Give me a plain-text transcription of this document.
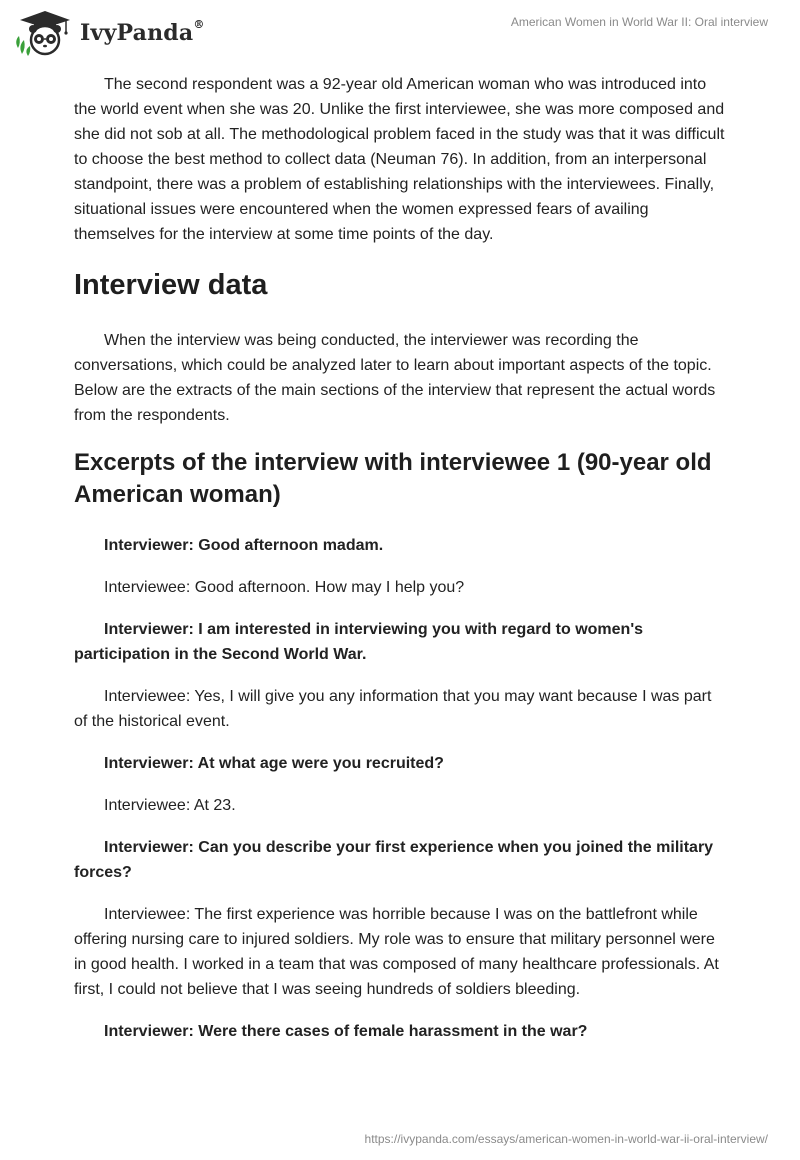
IvyPanda®	American Women in World War II: Oral interview

The second respondent was a 92-year old American woman who was introduced into the world event when she was 20. Unlike the first interviewee, she was more composed and she did not sob at all. The methodological problem faced in the study was that it was difficult to choose the best method to collect data (Neuman 76). In addition, from an interpersonal standpoint, there was a problem of establishing relationships with the interviewees. Finally, situational issues were encountered when the women expressed fears of availing themselves for the interview at some time points of the day.

Interview data

When the interview was being conducted, the interviewer was recording the conversations, which could be analyzed later to learn about important aspects of the topic. Below are the extracts of the main sections of the interview that represent the actual words from the respondents.

Excerpts of the interview with interviewee 1 (90-year old American woman)

Interviewer: Good afternoon madam.

Interviewee: Good afternoon. How may I help you?

Interviewer: I am interested in interviewing you with regard to women's participation in the Second World War.

Interviewee: Yes, I will give you any information that you may want because I was part of the historical event.

Interviewer: At what age were you recruited?

Interviewee: At 23.

Interviewer: Can you describe your first experience when you joined the military forces?

Interviewee: The first experience was horrible because I was on the battlefront while offering nursing care to injured soldiers. My role was to ensure that military personnel were in good health. I worked in a team that was composed of many healthcare professionals. At first, I could not believe that I was seeing hundreds of soldiers bleeding.

Interviewer: Were there cases of female harassment in the war?

https://ivypanda.com/essays/american-women-in-world-war-ii-oral-interview/
